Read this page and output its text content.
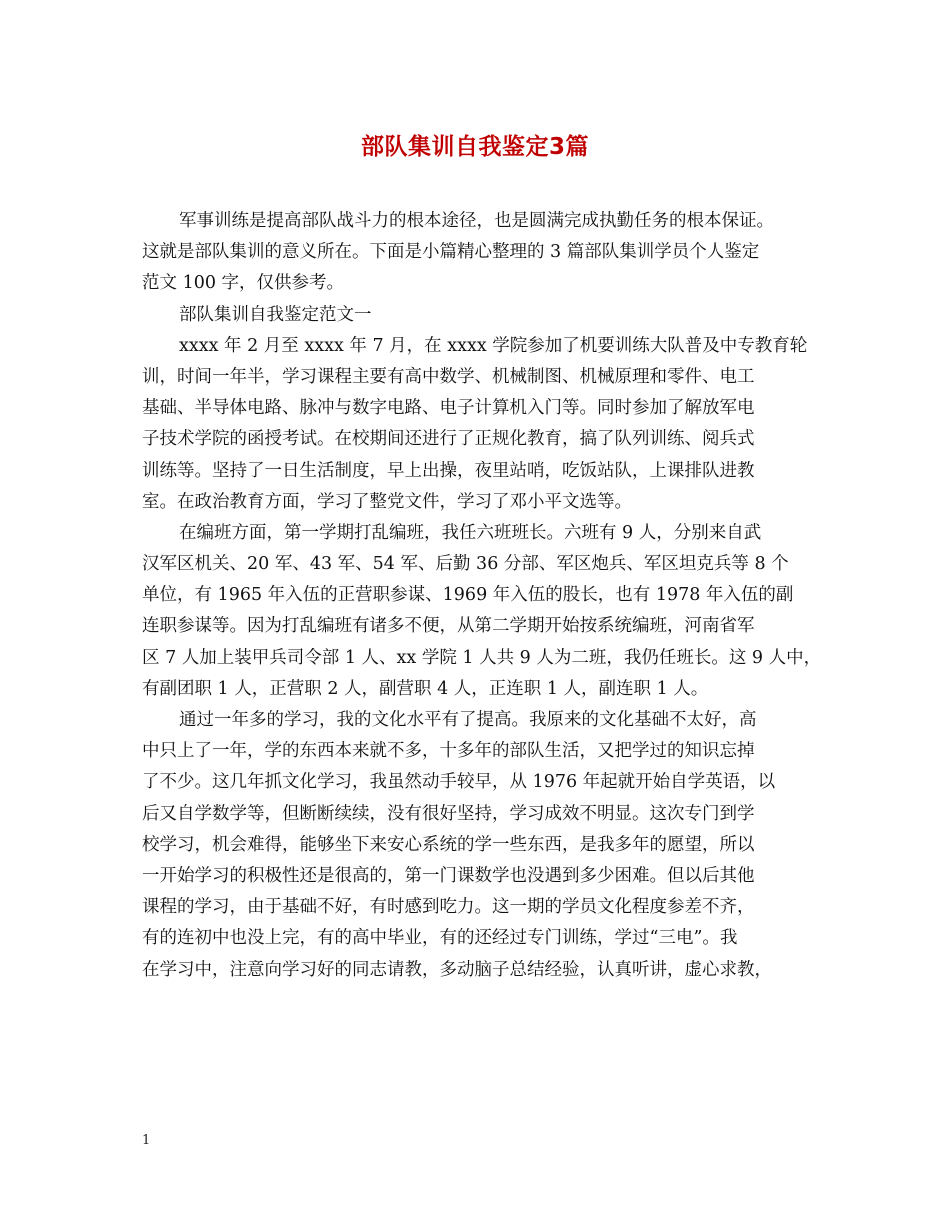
部队集训自我鉴定3篇
军事训练是提高部队战斗力的根本途径，也是圆满完成执勤任务的根本保证。
这就是部队集训的意义所在。下面是小篇精心整理的 3 篇部队集训学员个人鉴定
范文 100 字，仅供参考。
部队集训自我鉴定范文一
xxxx 年 2 月至 xxxx 年 7 月，在 xxxx 学院参加了机要训练大队普及中专教育轮
训，时间一年半，学习课程主要有高中数学、机械制图、机械原理和零件、电工
基础、半导体电路、脉冲与数字电路、电子计算机入门等。同时参加了解放军电
子技术学院的函授考试。在校期间还进行了正规化教育，搞了队列训练、阅兵式
训练等。坚持了一日生活制度，早上出操，夜里站哨，吃饭站队，上课排队进教
室。在政治教育方面，学习了整党文件，学习了邓小平文选等。
在编班方面，第一学期打乱编班，我任六班班长。六班有 9 人，分别来自武
汉军区机关、20 军、43 军、54 军、后勤 36 分部、军区炮兵、军区坦克兵等 8 个
单位，有 1965 年入伍的正营职参谋、1969 年入伍的股长，也有 1978 年入伍的副
连职参谋等。因为打乱编班有诸多不便，从第二学期开始按系统编班，河南省军
区 7 人加上装甲兵司令部 1 人、xx 学院 1 人共 9 人为二班，我仍任班长。这 9 人中，
有副团职 1 人，正营职 2 人，副营职 4 人，正连职 1 人，副连职 1 人。
通过一年多的学习，我的文化水平有了提高。我原来的文化基础不太好，高
中只上了一年，学的东西本来就不多，十多年的部队生活，又把学过的知识忘掉
了不少。这几年抓文化学习，我虽然动手较早，从 1976 年起就开始自学英语，以
后又自学数学等，但断断续续，没有很好坚持，学习成效不明显。这次专门到学
校学习，机会难得，能够坐下来安心系统的学一些东西，是我多年的愿望，所以
一开始学习的积极性还是很高的，第一门课数学也没遇到多少困难。但以后其他
课程的学习，由于基础不好，有时感到吃力。这一期的学员文化程度参差不齐，
有的连初中也没上完，有的高中毕业，有的还经过专门训练，学过“三电”。我
在学习中，注意向学习好的同志请教，多动脑子总结经验，认真听讲，虚心求教，
1
